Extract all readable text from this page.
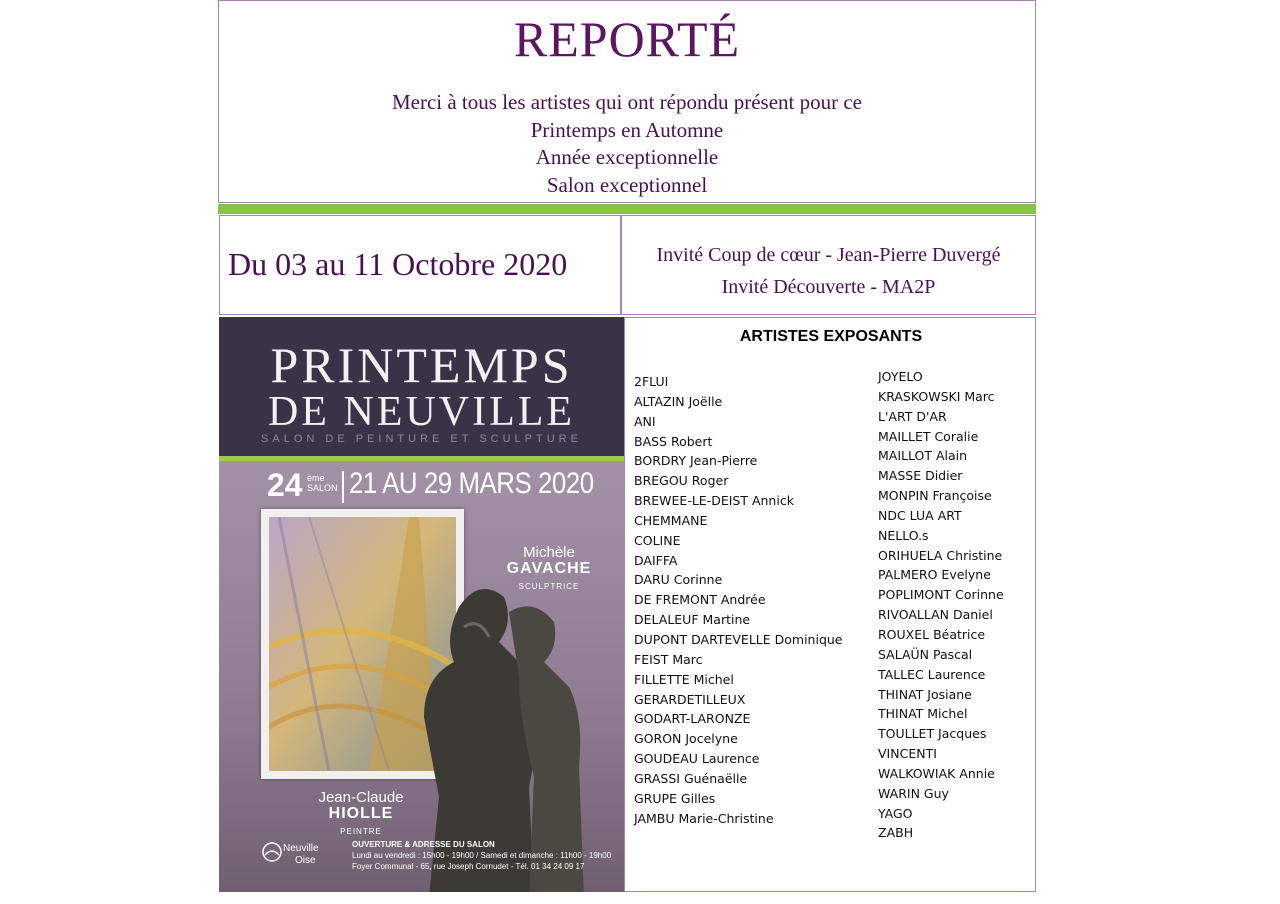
REPORTÉ
Merci à tous les artistes qui ont répondu présent pour ce
Printemps en Automne
Année exceptionnelle
Salon exceptionnel
Du 03 au 11 Octobre 2020	Invité Coup de cœur - Jean-Pierre Duvergé
Invité Découverte - MA2P
PRINTEMPS
DE NEUVILLE
SALON DE PEINTURE ET SCULPTURE
24 ème
SALON 21 AU 29 MARS 2020
Michèle
GAVACHE
SCULPTRICE
Jean-Claude
HIOLLE
PEINTRE
Neuville
Oise
OUVERTURE & ADRESSE DU SALON
Lundi au vendredi : 15h00 - 19h00 / Samedi et dimanche : 11h00 - 19h00
Foyer Communal - 65, rue Joseph Cornudet - Tél. 01 34 24 09 17
ARTISTES EXPOSANTS
2FLUI
ALTAZIN Joëlle
ANI
BASS Robert
BORDRY Jean-Pierre
BREGOU Roger
BREWEE-LE-DEIST Annick
CHEMMANE
COLINE
DAIFFA
DARU Corinne
DE FREMONT Andrée
DELALEUF Martine
DUPONT DARTEVELLE Dominique
FEIST Marc
FILLETTE Michel
GERARDETILLEUX
GODART-LARONZE
GORON Jocelyne
GOUDEAU Laurence
GRASSI Guénaëlle
GRUPE Gilles
JAMBU Marie-Christine
JOYELO
KRASKOWSKI Marc
L'ART D'AR
MAILLET Coralie
MAILLOT Alain
MASSE Didier
MONPIN Françoise
NDC LUA ART
NELLO.s
ORIHUELA Christine
PALMERO Evelyne
POPLIMONT Corinne
RIVOALLAN Daniel
ROUXEL Béatrice
SALAÜN Pascal
TALLEC Laurence
THINAT Josiane
THINAT Michel
TOULLET Jacques
VINCENTI
WALKOWIAK Annie
WARIN Guy
YAGO
ZABH
